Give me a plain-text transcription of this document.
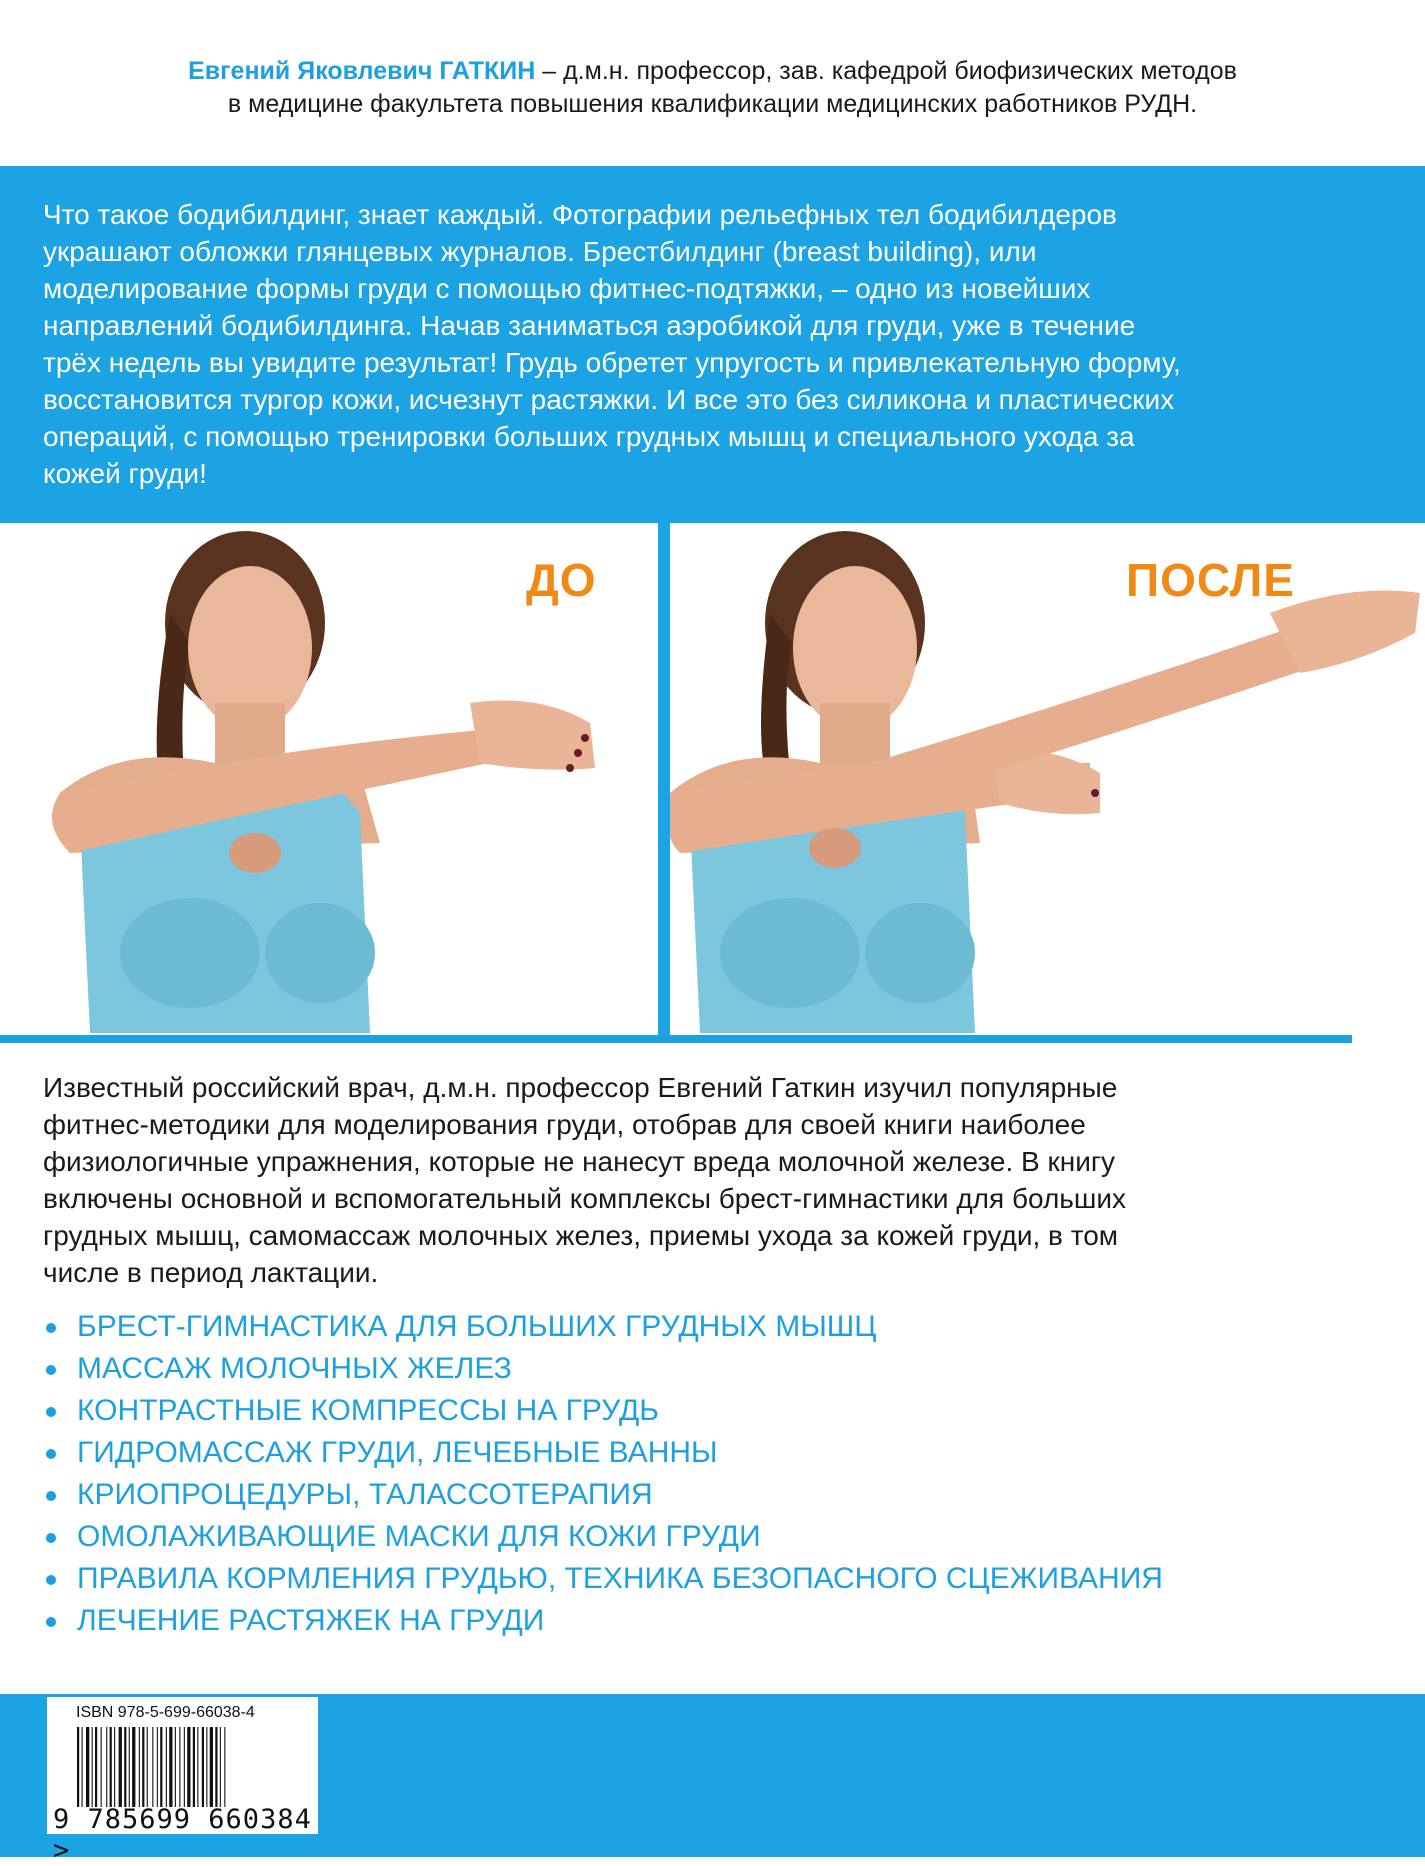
Евгений Яковлевич ГАТКИН – д.м.н. профессор, зав. кафедрой биофизических методов
в медицине факультета повышения квалификации медицинских работников РУДН.
Что такое бодибилдинг, знает каждый. Фотографии рельефных тел бодибилдеров
украшают обложки глянцевых журналов. Брестбилдинг (breast building), или
моделирование формы груди с помощью фитнес-подтяжки, – одно из новейших
направлений бодибилдинга. Начав заниматься аэробикой для груди, уже в течение
трёх недель вы увидите результат! Грудь обретет упругость и привлекательную форму,
восстановится тургор кожи, исчезнут растяжки. И все это без силикона и пластических
операций, с помощью тренировки больших грудных мышц и специального ухода за
кожей груди!
ДО	ПОСЛЕ
Известный российский врач, д.м.н. профессор Евгений Гаткин изучил популярные
фитнес-методики для моделирования груди, отобрав для своей книги наиболее
физиологичные упражнения, которые не нанесут вреда молочной железе. В книгу
включены основной и вспомогательный комплексы брест-гимнастики для больших
грудных мышц, самомассаж молочных желез, приемы ухода за кожей груди, в том
числе в период лактации.
БРЕСТ-ГИМНАСТИКА ДЛЯ БОЛЬШИХ ГРУДНЫХ МЫШЦ
МАССАЖ МОЛОЧНЫХ ЖЕЛЕЗ
КОНТРАСТНЫЕ КОМПРЕССЫ НА ГРУДЬ
ГИДРОМАССАЖ ГРУДИ, ЛЕЧЕБНЫЕ ВАННЫ
КРИОПРОЦЕДУРЫ, ТАЛАССОТЕРАПИЯ
ОМОЛАЖИВАЮЩИЕ МАСКИ ДЛЯ КОЖИ ГРУДИ
ПРАВИЛА КОРМЛЕНИЯ ГРУДЬЮ, ТЕХНИКА БЕЗОПАСНОГО СЦЕЖИВАНИЯ
ЛЕЧЕНИЕ РАСТЯЖЕК НА ГРУДИ
ISBN 978-5-699-66038-4
9 785699 660384 >
